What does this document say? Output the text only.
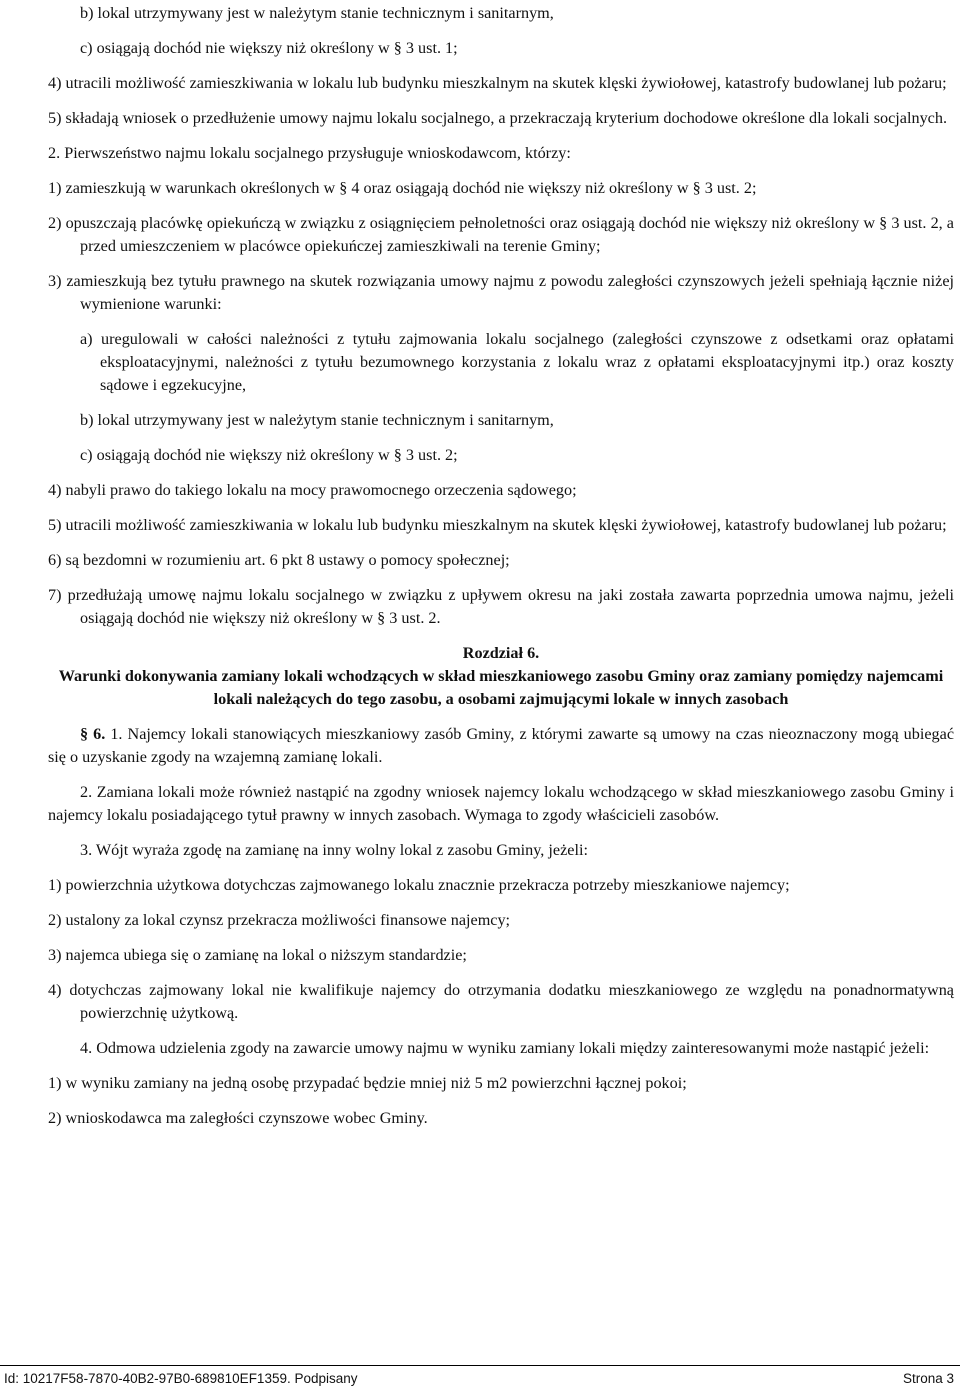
b) lokal utrzymywany jest w należytym stanie technicznym i sanitarnym,

c) osiągają dochód nie większy niż określony w § 3 ust. 1;

4) utracili możliwość zamieszkiwania w lokalu lub budynku mieszkalnym na skutek klęski żywiołowej, katastrofy budowlanej lub pożaru;

5) składają wniosek o przedłużenie umowy najmu lokalu socjalnego, a przekraczają kryterium dochodowe określone dla lokali socjalnych.

2. Pierwszeństwo najmu lokalu socjalnego przysługuje wnioskodawcom, którzy:

1) zamieszkują w warunkach określonych w § 4 oraz osiągają dochód nie większy niż określony w § 3 ust. 2;

2) opuszczają placówkę opiekuńczą w związku z osiągnięciem pełnoletności oraz osiągają dochód nie większy niż określony w § 3 ust. 2, a przed umieszczeniem w placówce opiekuńczej zamieszkiwali na terenie Gminy;

3) zamieszkują bez tytułu prawnego na skutek rozwiązania umowy najmu z powodu zaległości czynszowych jeżeli spełniają łącznie niżej wymienione warunki:

a) uregulowali w całości należności z tytułu zajmowania lokalu socjalnego (zaległości czynszowe z odsetkami oraz opłatami eksploatacyjnymi, należności z tytułu bezumownego korzystania z lokalu wraz z opłatami eksploatacyjnymi itp.) oraz koszty sądowe i egzekucyjne,

b) lokal utrzymywany jest w należytym stanie technicznym i sanitarnym,

c) osiągają dochód nie większy niż określony w § 3 ust. 2;

4) nabyli prawo do takiego lokalu na mocy prawomocnego orzeczenia sądowego;

5) utracili możliwość zamieszkiwania w lokalu lub budynku mieszkalnym na skutek klęski żywiołowej, katastrofy budowlanej lub pożaru;

6) są bezdomni w rozumieniu art. 6 pkt 8 ustawy o pomocy społecznej;

7) przedłużają umowę najmu lokalu socjalnego w związku z upływem okresu na jaki została zawarta poprzednia umowa najmu, jeżeli osiągają dochód nie większy niż określony w § 3 ust. 2.

Rozdział 6.

Warunki dokonywania zamiany lokali wchodzących w skład mieszkaniowego zasobu Gminy oraz zamiany pomiędzy najemcami lokali należących do tego zasobu, a osobami zajmującymi lokale w innych zasobach

§ 6. 1. Najemcy lokali stanowiących mieszkaniowy zasób Gminy, z którymi zawarte są umowy na czas nieoznaczony mogą ubiegać się o uzyskanie zgody na wzajemną zamianę lokali.

2. Zamiana lokali może również nastąpić na zgodny wniosek najemcy lokalu wchodzącego w skład mieszkaniowego zasobu Gminy i najemcy lokalu posiadającego tytuł prawny w innych zasobach. Wymaga to zgody właścicieli zasobów.

3. Wójt wyraża zgodę na zamianę na inny wolny lokal z zasobu Gminy, jeżeli:

1) powierzchnia użytkowa dotychczas zajmowanego lokalu znacznie przekracza potrzeby mieszkaniowe najemcy;

2) ustalony za lokal czynsz przekracza możliwości finansowe najemcy;

3) najemca ubiega się o zamianę na lokal o niższym standardzie;

4) dotychczas zajmowany lokal nie kwalifikuje najemcy do otrzymania dodatku mieszkaniowego ze względu na ponadnormatywną powierzchnię użytkową.

4. Odmowa udzielenia zgody na zawarcie umowy najmu w wyniku zamiany lokali między zainteresowanymi może nastąpić jeżeli:

1) w wyniku zamiany na jedną osobę przypadać będzie mniej niż 5 m2 powierzchni łącznej pokoi;

2) wnioskodawca ma zaległości czynszowe wobec Gminy.

Id: 10217F58-7870-40B2-97B0-689810EF1359. Podpisany	Strona 3
